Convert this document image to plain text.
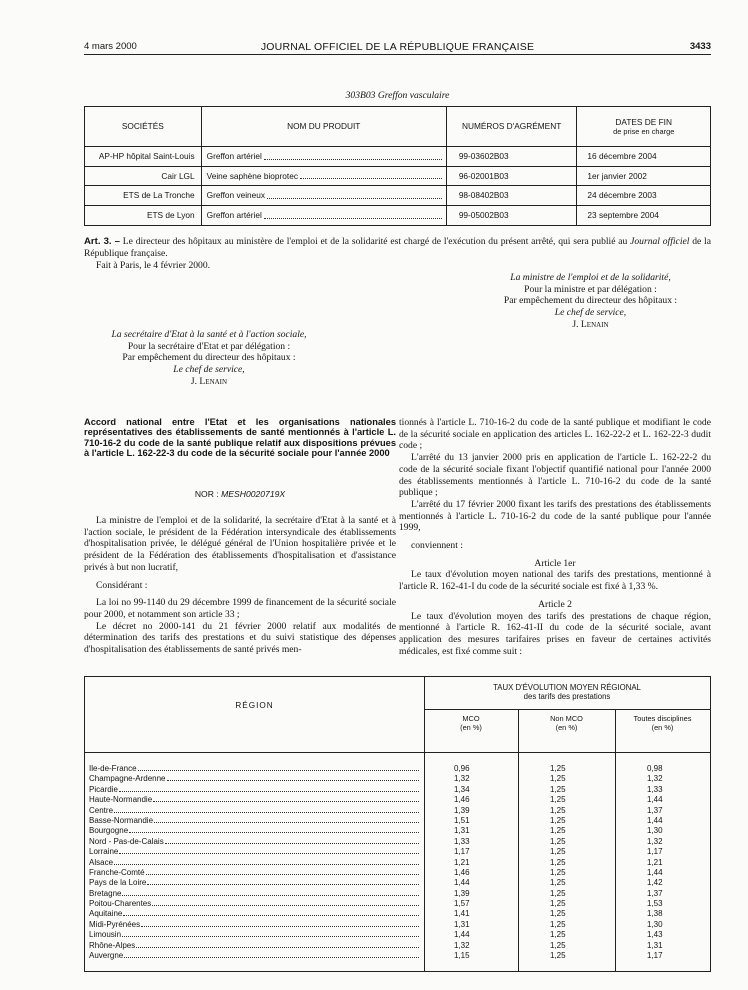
4 mars 2000	JOURNAL OFFICIEL DE LA RÉPUBLIQUE FRANÇAISE	3433
303B03 Greffon vasculaire
SOCIÉTÉS	NOM DU PRODUIT	NUMÉROS D'AGRÉMENT	DATES DE FIN
de prise en charge
AP-HP hôpital Saint-Louis	Greffon artériel	99-03602B03	16 décembre 2004
Cair LGL	Veine saphène bioprotec	96-02001B03	1er janvier 2002
ETS de La Tronche	Greffon veineux	98-08402B03	24 décembre 2003
ETS de Lyon	Greffon artériel	99-05002B03	23 septembre 2004
Art. 3. – Le directeur des hôpitaux au ministère de l'emploi et de la solidarité est chargé de l'exécution du présent arrêté, qui sera publié au Journal officiel de la République française.
Fait à Paris, le 4 février 2000.
La ministre de l'emploi et de la solidarité,
Pour la ministre et par délégation :
Par empêchement du directeur des hôpitaux :
Le chef de service,
J. Lenain
La secrétaire d'Etat à la santé et à l'action sociale,
Pour la secrétaire d'Etat et par délégation :
Par empêchement du directeur des hôpitaux :
Le chef de service,
J. Lenain
Accord national entre l'Etat et les organisations nationales représentatives des établissements de santé mentionnés à l'article L. 710-16-2 du code de la santé publique relatif aux dispositions prévues à l'article L. 162-22-3 du code de la sécurité sociale pour l'année 2000
NOR : MESH0020719X

La ministre de l'emploi et de la solidarité, la secrétaire d'Etat à la santé et à l'action sociale, le président de la Fédération intersyndicale des établissements d'hospitalisation privée, le délégué général de l'Union hospitalière privée et le président de la Fédération des établissements d'hospitalisation et d'assistance privés à but non lucratif,

Considérant :

La loi no 99-1140 du 29 décembre 1999 de financement de la sécurité sociale pour 2000, et notamment son article 33 ;

Le décret no 2000-141 du 21 février 2000 relatif aux modalités de détermination des tarifs des prestations et du suivi statistique des dépenses d'hospitalisation des établissements de santé privés men-

tionnés à l'article L. 710-16-2 du code de la santé publique et modifiant le code de la sécurité sociale en application des articles L. 162-22-2 et L. 162-22-3 dudit code ;

L'arrêté du 13 janvier 2000 pris en application de l'article L. 162-22-2 du code de la sécurité sociale fixant l'objectif quantifié national pour l'année 2000 des établissements mentionnés à l'article L. 710-16-2 du code de la santé publique ;

L'arrêté du 17 février 2000 fixant les tarifs des prestations des établissements mentionnés à l'article L. 710-16-2 du code de la santé publique pour l'année 1999,

conviennent :

Article 1er

Le taux d'évolution moyen national des tarifs des prestations, mentionné à l'article R. 162-41-I du code de la sécurité sociale est fixé à 1,33 %.

Article 2

Le taux d'évolution moyen des tarifs des prestations de chaque région, mentionné à l'article R. 162-41-II du code de la sécurité sociale, avant application des mesures tarifaires prises en faveur de certaines activités médicales, est fixé comme suit :

RÉGION
TAUX D'ÉVOLUTION MOYEN RÉGIONAL
des tarifs des prestations
MCO
(en %)
Non MCO
(en %)
Toutes disciplines
(en %)
Ile-de-France	0,96	1,25	0,98
Champagne-Ardenne	1,32	1,25	1,32
Picardie	1,34	1,25	1,33
Haute-Normandie	1,46	1,25	1,44
Centre	1,39	1,25	1,37
Basse-Normandie	1,51	1,25	1,44
Bourgogne	1,31	1,25	1,30
Nord - Pas-de-Calais	1,33	1,25	1,32
Lorraine	1,17	1,25	1,17
Alsace	1,21	1,25	1,21
Franche-Comté	1,46	1,25	1,44
Pays de la Loire	1,44	1,25	1,42
Bretagne	1,39	1,25	1,37
Poitou-Charentes	1,57	1,25	1,53
Aquitaine	1,41	1,25	1,38
Midi-Pyrénées	1,31	1,25	1,30
Limousin	1,44	1,25	1,43
Rhône-Alpes	1,32	1,25	1,31
Auvergne	1,15	1,25	1,17
